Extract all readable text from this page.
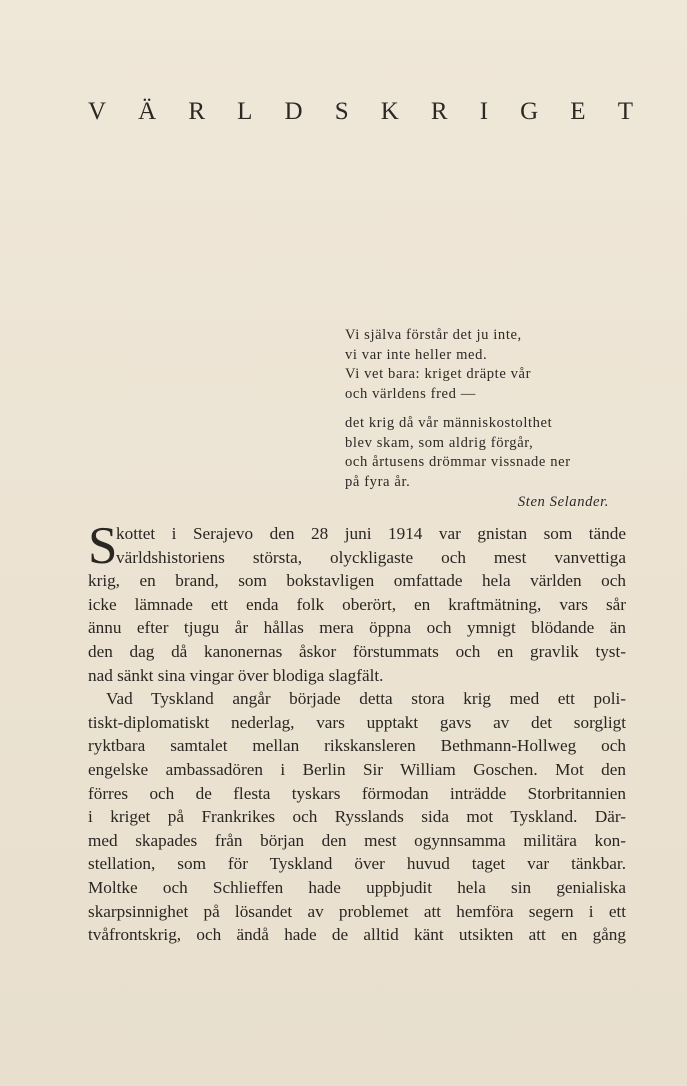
V Ä R L D S K R I G E T
Vi själva förstår det ju inte,
vi var inte heller med.
Vi vet bara: kriget dräpte vår
och världens fred —
det krig då vår människostolthet
blev skam, som aldrig förgår,
och årtusens drömmar vissnade ner
på fyra år.
Sten Selander.
S
kottet i Serajevo den 28 juni 1914 var gnistan som tände
världshistoriens största, olyckligaste och mest vanvettiga
krig, en brand, som bokstavligen omfattade hela världen och
icke lämnade ett enda folk oberört, en kraftmätning, vars sår
ännu efter tjugu år hållas mera öppna och ymnigt blödande än
den dag då kanonernas åskor förstummats och en gravlik tyst-
nad sänkt sina vingar över blodiga slagfält.
Vad Tyskland angår började detta stora krig med ett poli-
tiskt-diplomatiskt nederlag, vars upptakt gavs av det sorgligt
ryktbara samtalet mellan rikskansleren Bethmann-Hollweg och
engelske ambassadören i Berlin Sir William Goschen. Mot den
förres och de flesta tyskars förmodan inträdde Storbritannien
i kriget på Frankrikes och Rysslands sida mot Tyskland. Där-
med skapades från början den mest ogynnsamma militära kon-
stellation, som för Tyskland över huvud taget var tänkbar.
Moltke och Schlieffen hade uppbjudit hela sin genialiska
skarpsinnighet på lösandet av problemet att hemföra segern i ett
tvåfrontskrig, och ändå hade de alltid känt utsikten att en gång
